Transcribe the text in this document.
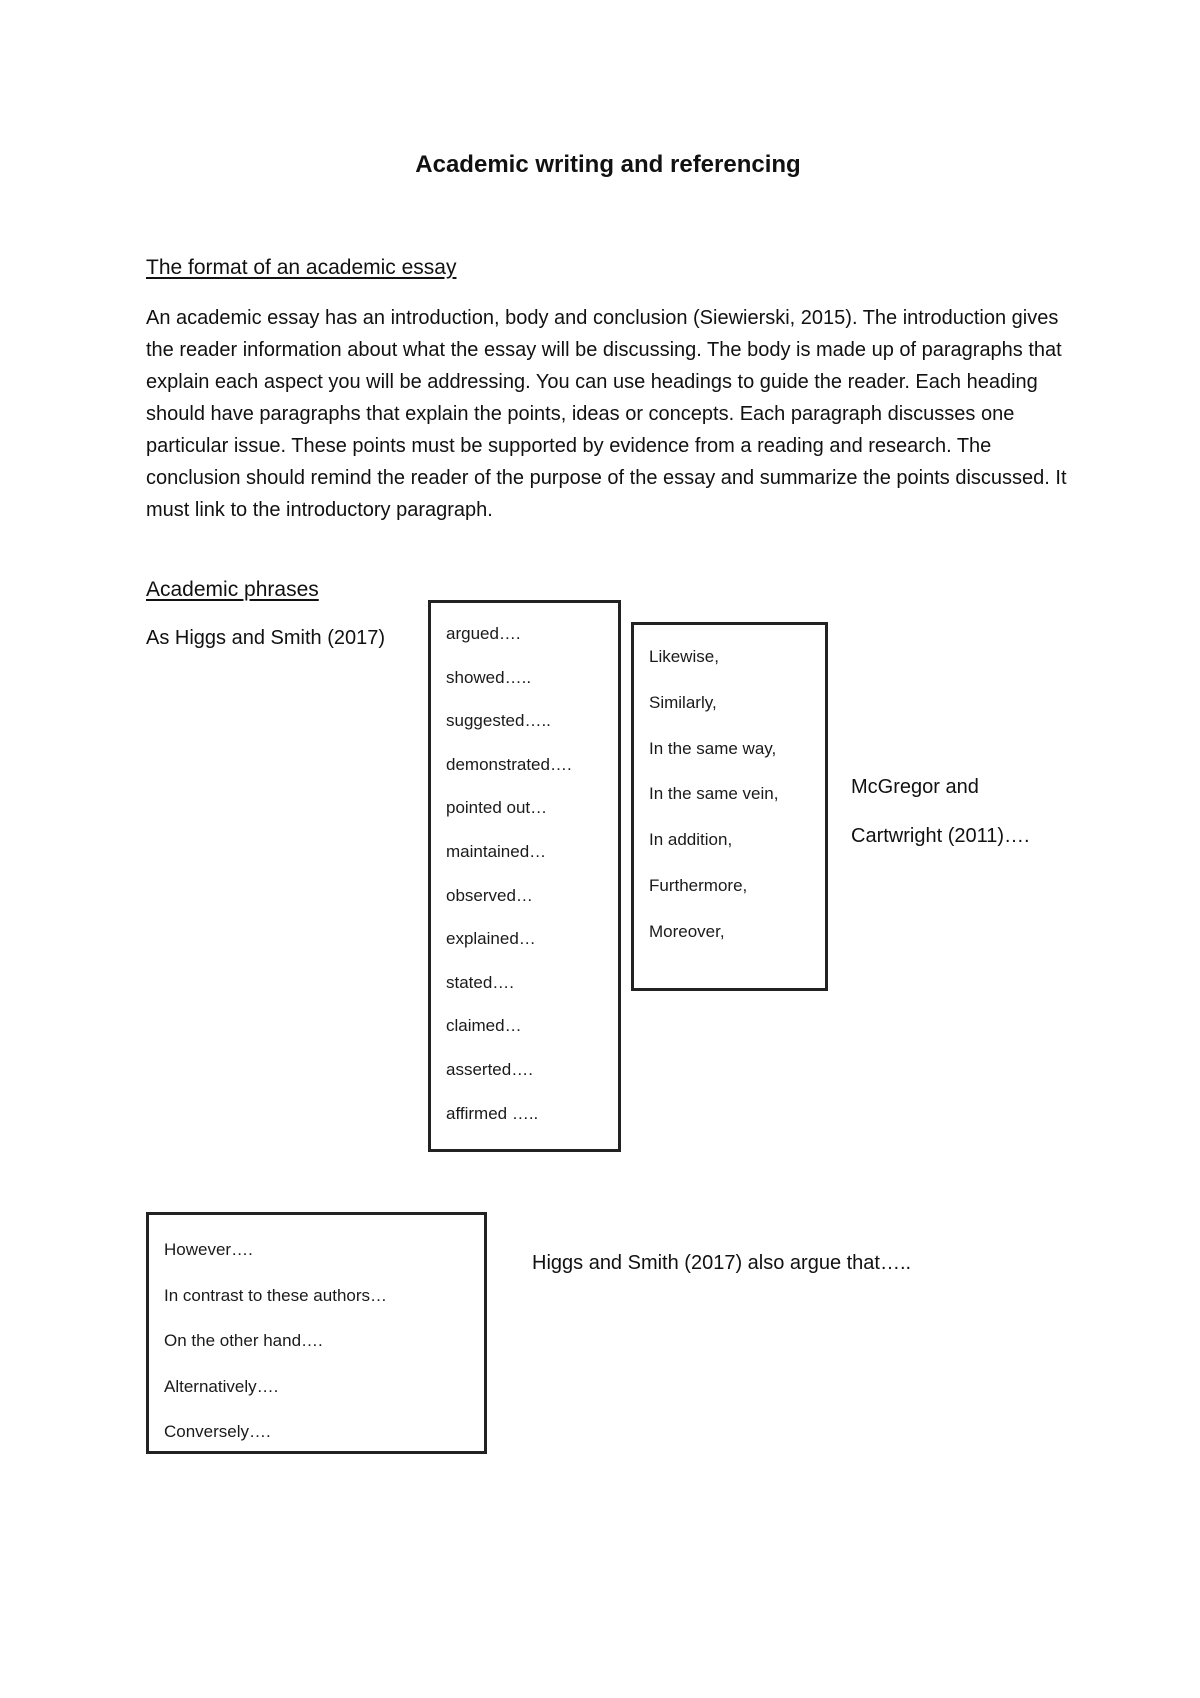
Academic writing and referencing
The format of an academic essay

An academic essay has an introduction, body and conclusion (Siewierski, 2015). The introduction gives the reader information about what the essay will be discussing. The body is made up of paragraphs that explain each aspect you will be addressing. You can use headings to guide the reader. Each heading should have paragraphs that explain the points, ideas or concepts. Each paragraph discusses one particular issue. These points must be supported by evidence from a reading and research. The conclusion should remind the reader of the purpose of the essay and summarize the points discussed. It must link to the introductory paragraph.

Academic phrases

As Higgs and Smith (2017)	argued….
showed…..
suggested…..
demonstrated….
pointed out…
maintained…
observed…
explained…
stated….
claimed…
asserted….
affirmed …..
Likewise,
Similarly,
In the same way,
In the same vein,
In addition,
Furthermore,
Moreover,
McGregor and
Cartwright (2011)….
However….
In contrast to these authors…
On the other hand….
Alternatively….
Conversely….

Higgs and Smith (2017) also argue that…..
